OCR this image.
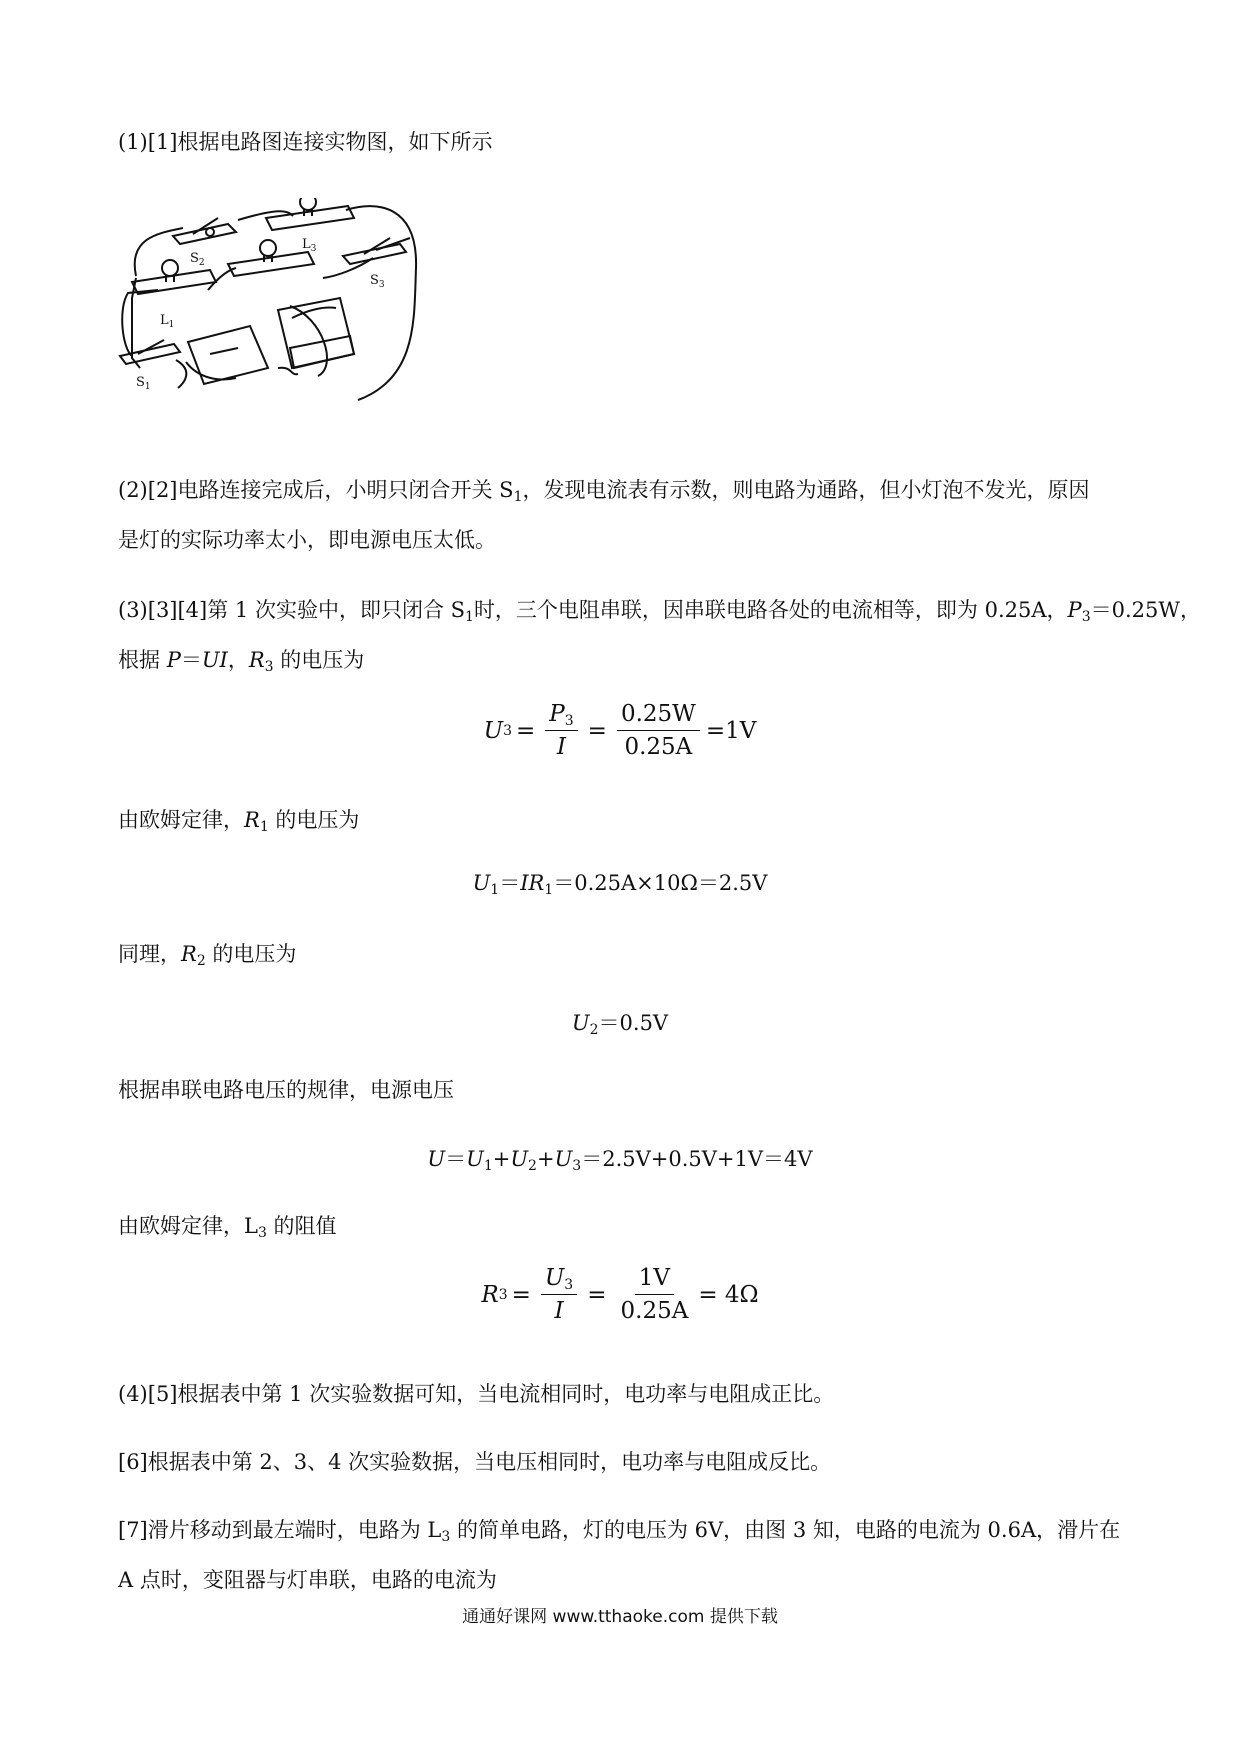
(1)[1]根据电路图连接实物图，如下所示
$S_2$
$L_3$
$S_3$
$L_1$
$S_1$
(2)[2]电路连接完成后，小明只闭合开关 $S_1$，发现电流表有示数，则电路为通路，但小灯泡不发光，原因
是灯的实际功率太小，即电源电压太低。
(3)[3][4]第 1 次实验中，即只闭合 $S_1$时，三个电阻串联，因串联电路各处的电流相等，即为 0.25A，$P_3=0.25W$，
根据 P＝UI，$R_3$ 的电压为
U $3 = \frac{P_3}{I} = \frac{0.25W}{0.25A} =1V$
由欧姆定律，$R_1$ 的电压为
$U_1=IR_1=0.25A\times 10\Omega=2.5V$
同理，$R_2$ 的电压为
$U_2=0.5V$
根据串联电路电压的规律，电源电压
$U=U_1+U_2+U_3=2.5V+0.5V+1V=4V$
由欧姆定律，$L_3$ 的阻值
R $3 = \frac{U_3}{I} = \frac{1V}{0.25A} = 4\Omega$
(4)[5]根据表中第 1 次实验数据可知，当电流相同时，电功率与电阻成正比。
[6]根据表中第 2、3、4 次实验数据，当电压相同时，电功率与电阻成反比。
[7]滑片移动到最左端时，电路为 $L_3$ 的简单电路，灯的电压为 6V，由图 3 知，电路的电流为 0.6A，滑片在
A 点时，变阻器与灯串联，电路的电流为
通通好课网 www.tthaoke.com 提供下载
